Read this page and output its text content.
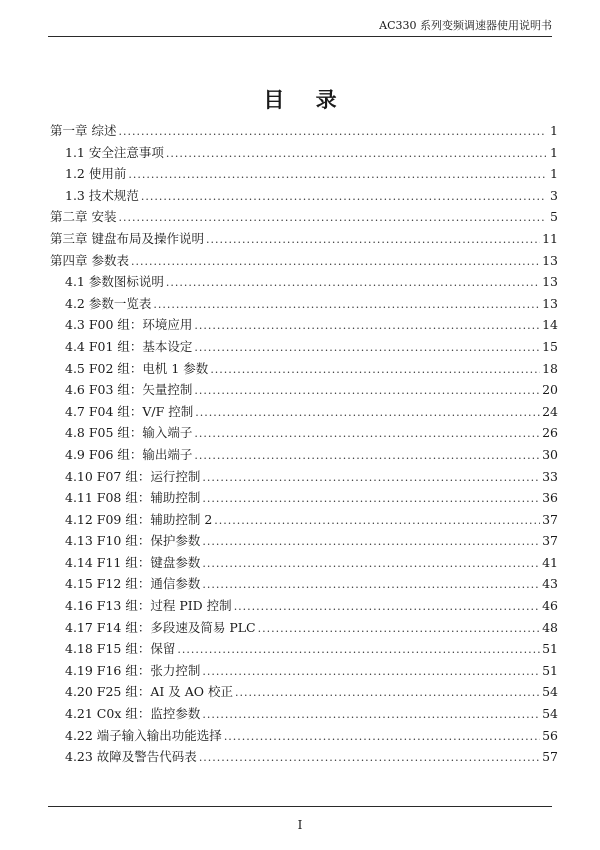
AC330 系列变频调速器使用说明书
目 录
第一章 综述 .....	1
1.1 安全注意事项 .....	1
1.2 使用前 .....	1
1.3 技术规范 .....	3
第二章 安装 .....	5
第三章 键盘布局及操作说明 .....	11
第四章 参数表 .....	13
4.1 参数图标说明 .....	13
4.2 参数一览表 .....	13
4.3 F00 组：环境应用 .....	14
4.4 F01 组：基本设定 .....	15
4.5 F02 组：电机 1 参数 .....	18
4.6 F03 组：矢量控制 .....	20
4.7 F04 组：V/F 控制 .....	24
4.8 F05 组：输入端子 .....	26
4.9 F06 组：输出端子 .....	30
4.10 F07 组：运行控制 .....	33
4.11 F08 组：辅助控制 .....	36
4.12 F09 组：辅助控制 2 .....	37
4.13 F10 组：保护参数 .....	37
4.14 F11 组：键盘参数 .....	41
4.15 F12 组：通信参数 .....	43
4.16 F13 组：过程 PID 控制 .....	46
4.17 F14 组：多段速及简易 PLC .....	48
4.18 F15 组：保留 .....	51
4.19 F16 组：张力控制 .....	51
4.20 F25 组：AI 及 AO 校正 .....	54
4.21 C0x 组：监控参数 .....	54
4.22 端子输入输出功能选择 .....	56
4.23 故障及警告代码表 .....	57
I
